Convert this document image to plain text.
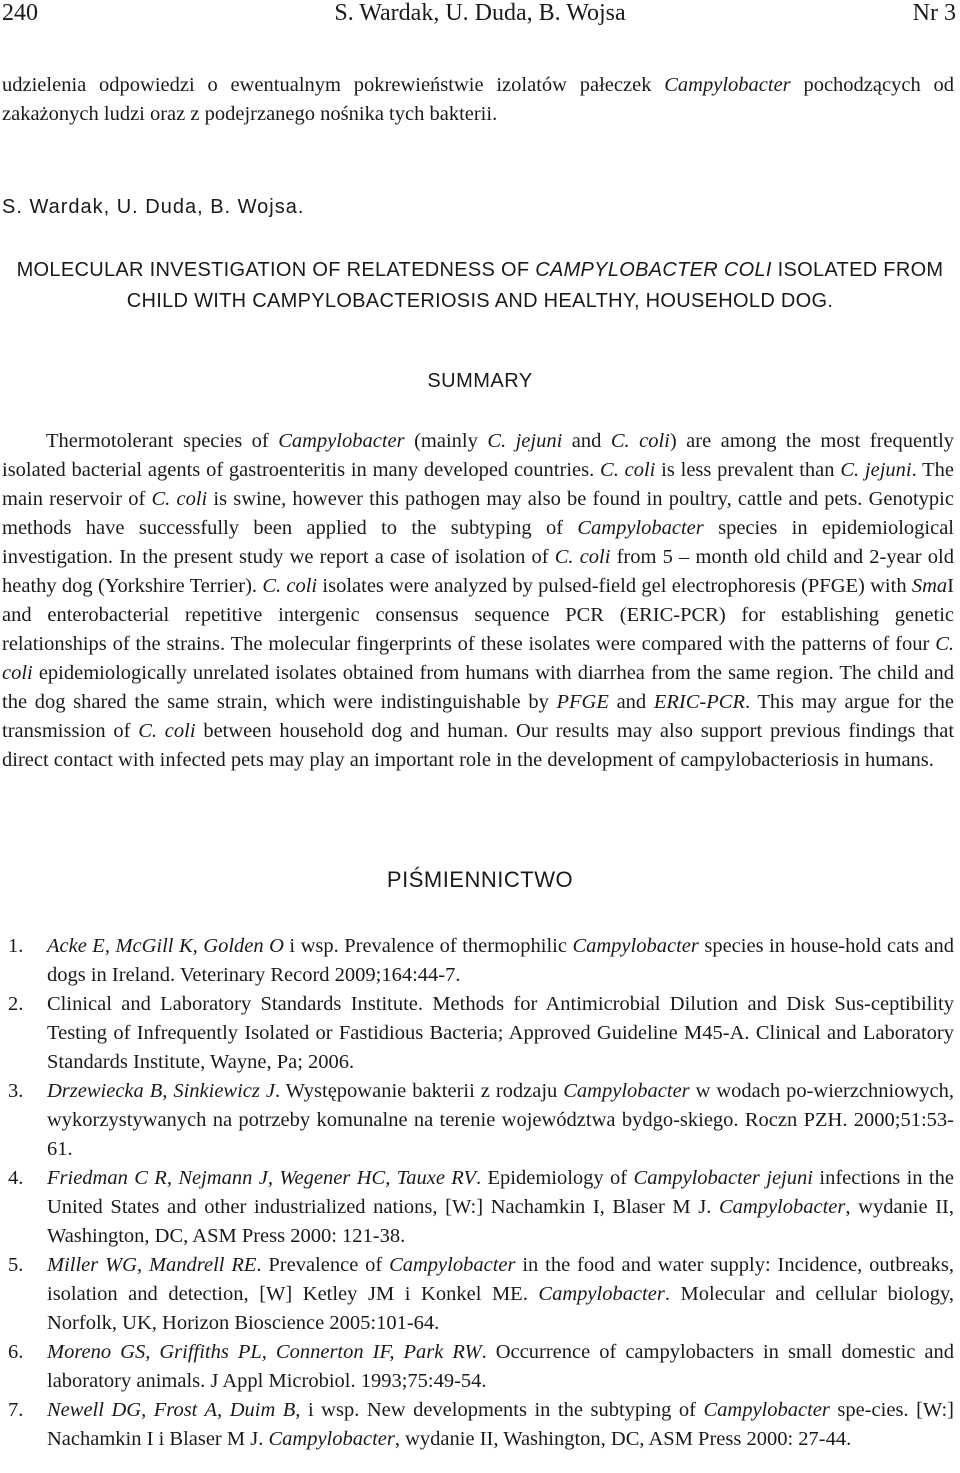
240	S. Wardak, U. Duda, B. Wojsa	Nr 3
udzielenia odpowiedzi o ewentualnym pokrewieństwie izolatów pałeczek Campylobacter pochodzących od zakażonych ludzi oraz z podejrzanego nośnika tych bakterii.
S. Wardak, U. Duda, B. Wojsa.
MOLECULAR INVESTIGATION OF RELATEDNESS OF CAMPYLOBACTER COLI ISOLATED FROM CHILD WITH CAMPYLOBACTERIOSIS AND HEALTHY, HOUSEHOLD DOG.
SUMMARY
Thermotolerant species of Campylobacter (mainly C. jejuni and C. coli) are among the most frequently isolated bacterial agents of gastroenteritis in many developed countries. C. coli is less prevalent than C. jejuni. The main reservoir of C. coli is swine, however this pathogen may also be found in poultry, cattle and pets. Genotypic methods have successfully been applied to the subtyping of Campylobacter species in epidemiological investigation. In the present study we report a case of isolation of C. coli from 5 – month old child and 2-year old heathy dog (Yorkshire Terrier). C. coli isolates were analyzed by pulsed-field gel electrophoresis (PFGE) with SmaI and enterobacterial repetitive intergenic consensus sequence PCR (ERIC-PCR) for establishing genetic relationships of the strains. The molecular fingerprints of these isolates were compared with the patterns of four C. coli epidemiologically unrelated isolates obtained from humans with diarrhea from the same region. The child and the dog shared the same strain, which were indistinguishable by PFGE and ERIC-PCR. This may argue for the transmission of C. coli between household dog and human. Our results may also support previous findings that direct contact with infected pets may play an important role in the development of campylobacteriosis in humans.
PIŚMIENNICTWO
1. Acke E, McGill K, Golden O i wsp. Prevalence of thermophilic Campylobacter species in house-hold cats and dogs in Ireland. Veterinary Record 2009;164:44-7.
2. Clinical and Laboratory Standards Institute. Methods for Antimicrobial Dilution and Disk Sus-ceptibility Testing of Infrequently Isolated or Fastidious Bacteria; Approved Guideline M45-A. Clinical and Laboratory Standards Institute, Wayne, Pa; 2006.
3. Drzewiecka B, Sinkiewicz J. Występowanie bakterii z rodzaju Campylobacter w wodach po-wierzchniowych, wykorzystywanych na potrzeby komunalne na terenie województwa bydgo-skiego. Roczn PZH. 2000;51:53-61.
4. Friedman C R, Nejmann J, Wegener HC, Tauxe RV. Epidemiology of Campylobacter jejuni infections in the United States and other industrialized nations, [W:] Nachamkin I, Blaser M J. Campylobacter, wydanie II, Washington, DC, ASM Press 2000: 121-38.
5. Miller WG, Mandrell RE. Prevalence of Campylobacter in the food and water supply: Incidence, outbreaks, isolation and detection, [W] Ketley JM i Konkel ME. Campylobacter. Molecular and cellular biology, Norfolk, UK, Horizon Bioscience 2005:101-64.
6. Moreno GS, Griffiths PL, Connerton IF, Park RW. Occurrence of campylobacters in small domestic and laboratory animals. J Appl Microbiol. 1993;75:49-54.
7. Newell DG, Frost A, Duim B, i wsp. New developments in the subtyping of Campylobacter spe-cies. [W:] Nachamkin I i Blaser M J. Campylobacter, wydanie II, Washington, DC, ASM Press 2000: 27-44.
